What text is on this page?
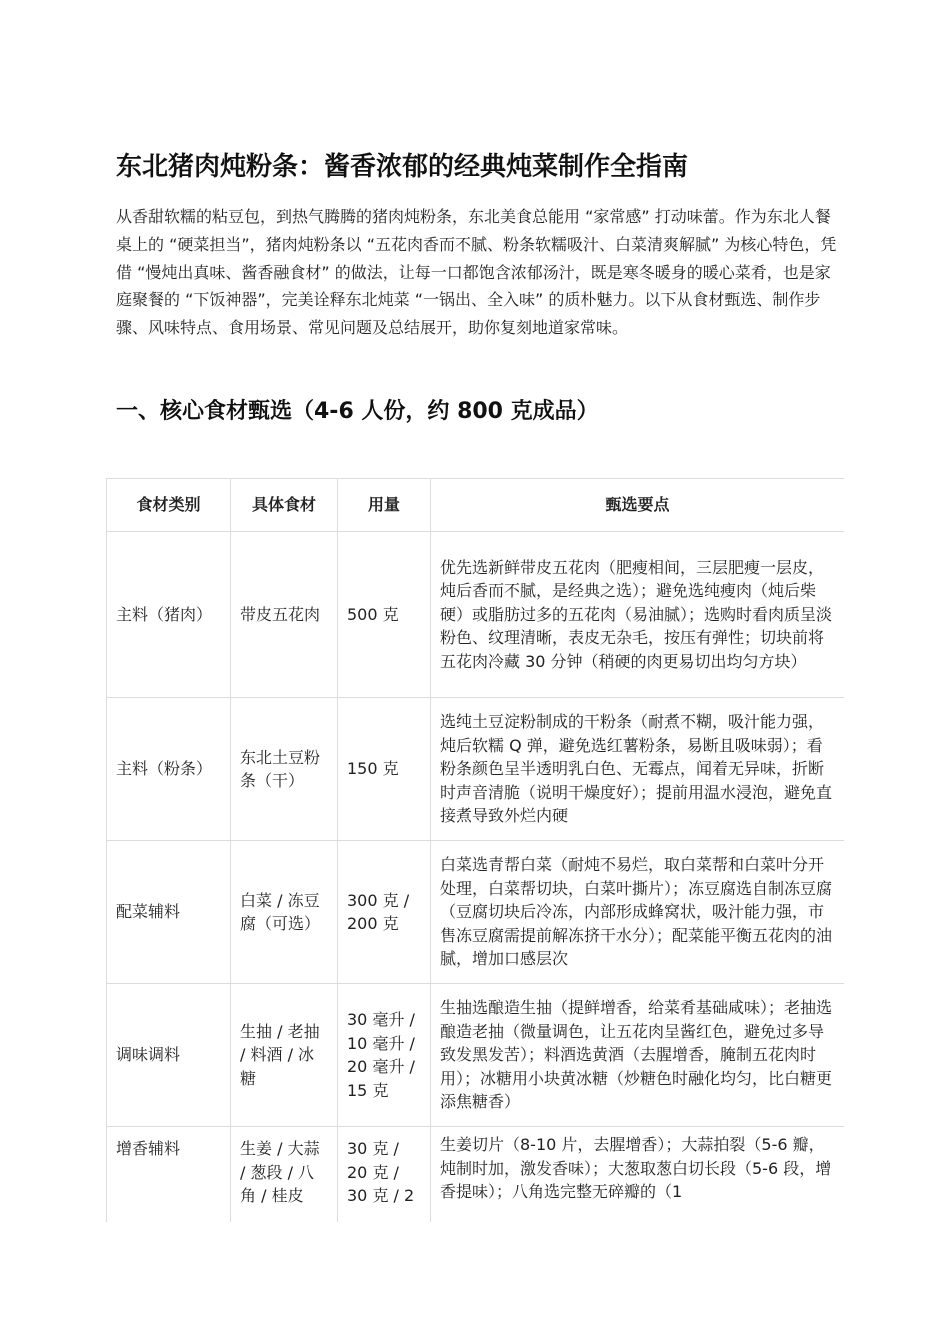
东北猪肉炖粉条：酱香浓郁的经典炖菜制作全指南

从香甜软糯的粘豆包，到热气腾腾的猪肉炖粉条，东北美食总能用 “家常感” 打动味蕾。作为东北人餐桌上的 “硬菜担当”，猪肉炖粉条以 “五花肉香而不腻、粉条软糯吸汁、白菜清爽解腻” 为核心特色，凭借 “慢炖出真味、酱香融食材” 的做法，让每一口都饱含浓郁汤汁，既是寒冬暖身的暖心菜肴，也是家庭聚餐的 “下饭神器”，完美诠释东北炖菜 “一锅出、全入味” 的质朴魅力。以下从食材甄选、制作步骤、风味特点、食用场景、常见问题及总结展开，助你复刻地道家常味。

一、核心食材甄选（4-6 人份，约 800 克成品）
食材类别	具体食材	用量	甄选要点
主料（猪肉）	带皮五花肉	500 克	优先选新鲜带皮五花肉（肥瘦相间，三层肥瘦一层皮，炖后香而不腻，是经典之选）；避免选纯瘦肉（炖后柴硬）或脂肪过多的五花肉（易油腻）；选购时看肉质呈淡粉色、纹理清晰，表皮无杂毛，按压有弹性；切块前将五花肉冷藏 30 分钟（稍硬的肉更易切出均匀方块）
主料（粉条）	东北土豆粉条（干）	150 克	选纯土豆淀粉制成的干粉条（耐煮不糊，吸汁能力强，炖后软糯 Q 弹，避免选红薯粉条，易断且吸味弱）；看粉条颜色呈半透明乳白色、无霉点，闻着无异味，折断时声音清脆（说明干燥度好）；提前用温水浸泡，避免直接煮导致外烂内硬
配菜辅料	白菜 / 冻豆腐（可选）	300 克 / 200 克	白菜选青帮白菜（耐炖不易烂，取白菜帮和白菜叶分开处理，白菜帮切块，白菜叶撕片）；冻豆腐选自制冻豆腐（豆腐切块后冷冻，内部形成蜂窝状，吸汁能力强，市售冻豆腐需提前解冻挤干水分）；配菜能平衡五花肉的油腻，增加口感层次
调味调料	生抽 / 老抽 / 料酒 / 冰糖	30 毫升 / 10 毫升 / 20 毫升 / 15 克	生抽选酿造生抽（提鲜增香，给菜肴基础咸味）；老抽选酿造老抽（微量调色，让五花肉呈酱红色，避免过多导致发黑发苦）；料酒选黄酒（去腥增香，腌制五花肉时用）；冰糖用小块黄冰糖（炒糖色时融化均匀，比白糖更添焦糖香）
增香辅料	生姜 / 大蒜 / 葱段 / 八角 / 桂皮	30 克 / 20 克 / 30 克 / 2	生姜切片（8-10 片，去腥增香）；大蒜拍裂（5-6 瓣，炖制时加，激发香味）；大葱取葱白切长段（5-6 段，增香提味）；八角选完整无碎瓣的（1
